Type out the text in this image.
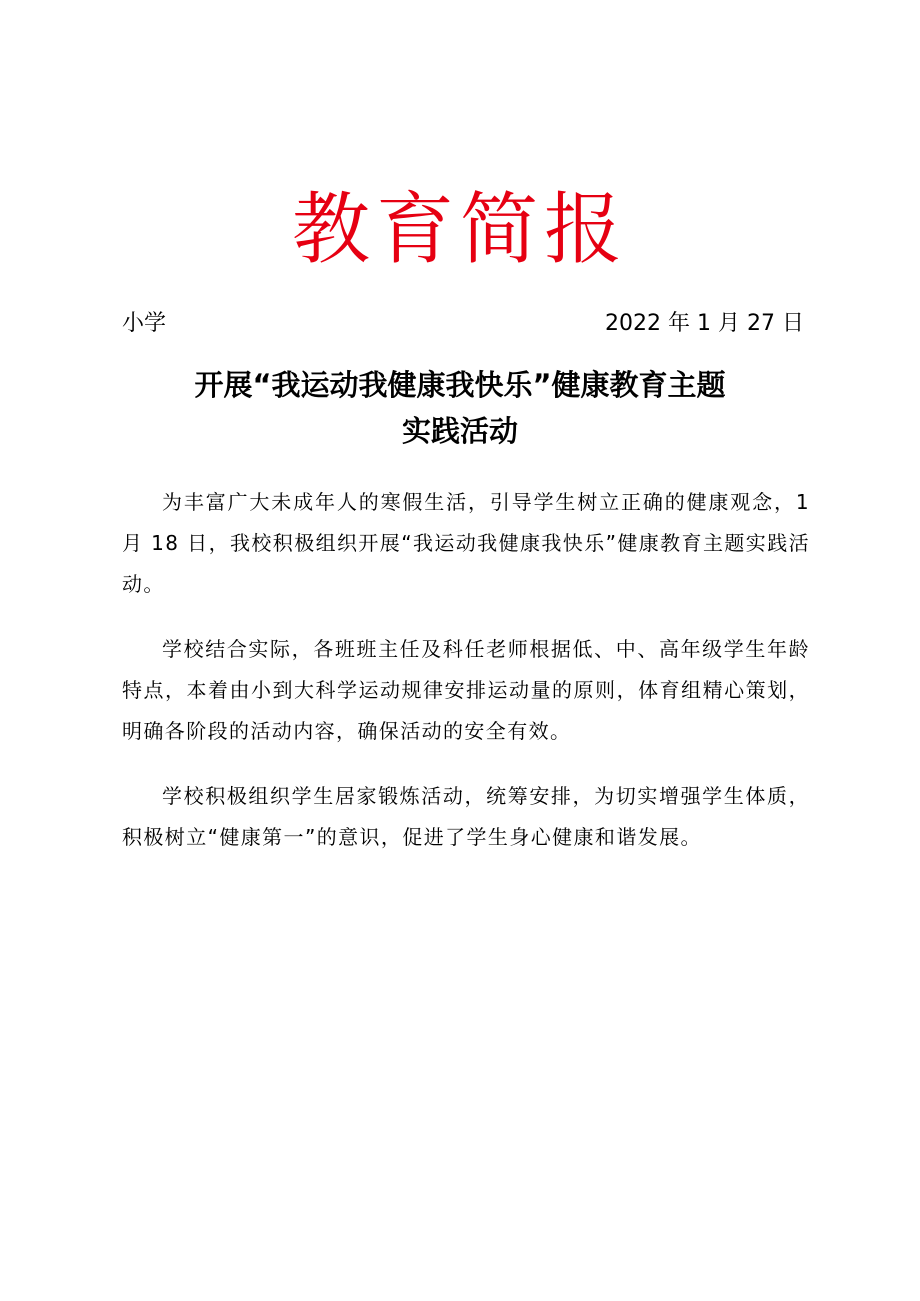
教育简报
小学	2022 年 1 月 27 日
开展“我运动我健康我快乐”健康教育主题
实践活动

为丰富广大未成年人的寒假生活，引导学生树立正确的健康观念，1 月 18 日，我校积极组织开展“我运动我健康我快乐”健康教育主题实践活动。

学校结合实际，各班班主任及科任老师根据低、中、高年级学生年龄特点，本着由小到大科学运动规律安排运动量的原则，体育组精心策划，明确各阶段的活动内容，确保活动的安全有效。

学校积极组织学生居家锻炼活动，统筹安排，为切实增强学生体质，积极树立“健康第一”的意识，促进了学生身心健康和谐发展。
